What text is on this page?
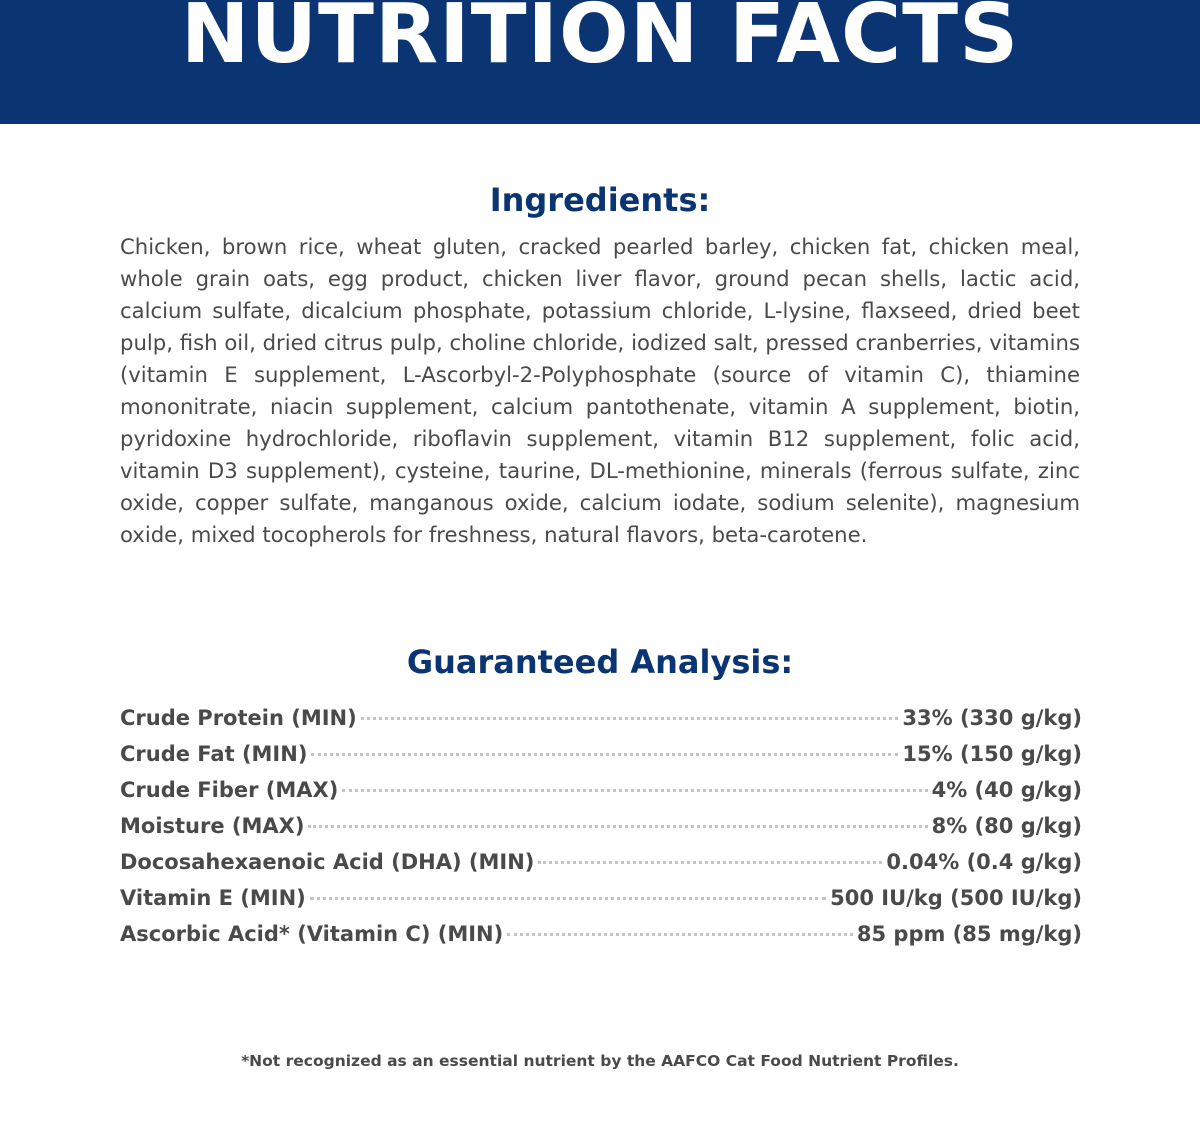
NUTRITION FACTS
Ingredients:

Chicken, brown rice, wheat gluten, cracked pearled barley, chicken fat, chicken meal, whole grain oats, egg product, chicken liver flavor, ground pecan shells, lactic acid, calcium sulfate, dicalcium phosphate, potassium chloride, L-lysine, flaxseed, dried beet pulp, fish oil, dried citrus pulp, choline chloride, iodized salt, pressed cranberries, vitamins (vitamin E supplement, L-Ascorbyl-2-Polyphosphate (source of vitamin C), thiamine mononitrate, niacin supplement, calcium pantothenate, vitamin A supplement, biotin, pyridoxine hydrochloride, riboflavin supplement, vitamin B12 supplement, folic acid, vitamin D3 supplement), cysteine, taurine, DL-methionine, minerals (ferrous sulfate, zinc oxide, copper sulfate, manganous oxide, calcium iodate, sodium selenite), magnesium oxide, mixed tocopherols for freshness, natural flavors, beta-carotene.

Guaranteed Analysis:
Crude Protein (MIN)	33% (330 g/kg)
Crude Fat (MIN)	15% (150 g/kg)
Crude Fiber (MAX)	4% (40 g/kg)
Moisture (MAX)	8% (80 g/kg)
Docosahexaenoic Acid (DHA) (MIN)	0.04% (0.4 g/kg)
Vitamin E (MIN)	500 IU/kg (500 IU/kg)
Ascorbic Acid* (Vitamin C) (MIN)	85 ppm (85 mg/kg)
*Not recognized as an essential nutrient by the AAFCO Cat Food Nutrient Profiles.
